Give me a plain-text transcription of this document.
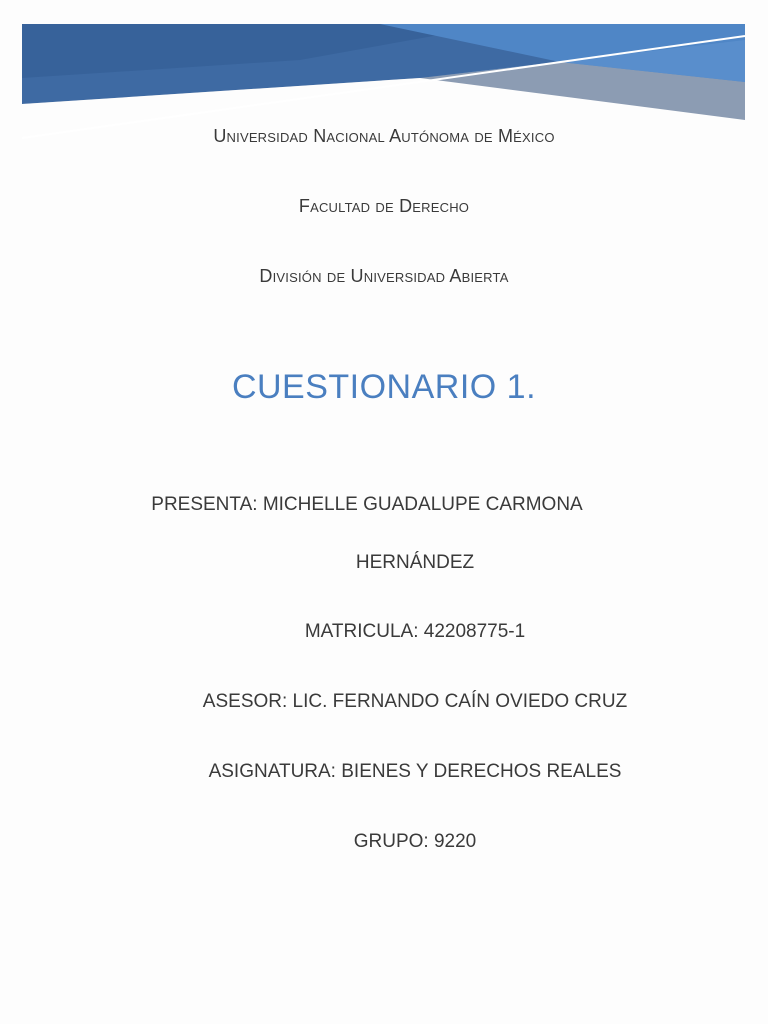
Universidad Nacional Autónoma de México
Facultad de Derecho
División de Universidad Abierta
CUESTIONARIO 1.
PRESENTA: MICHELLE GUADALUPE CARMONA
HERNÁNDEZ
MATRICULA: 42208775-1
ASESOR: LIC. FERNANDO CAÍN OVIEDO CRUZ
ASIGNATURA: BIENES Y DERECHOS REALES
GRUPO: 9220
